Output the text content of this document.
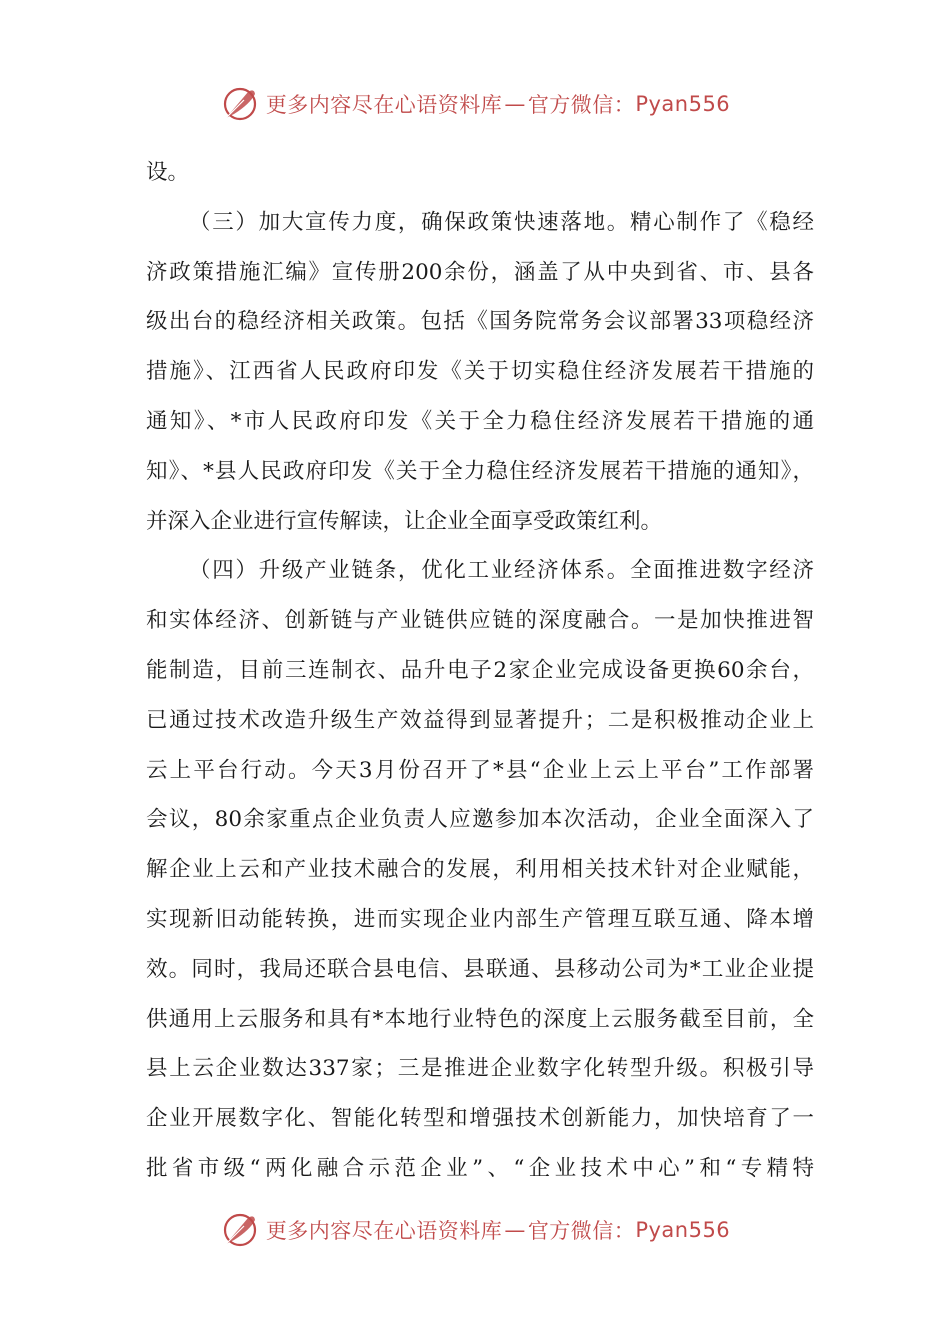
更多内容尽在心语资料库 — 官方微信： Pyan556
设。
（三）加大宣传力度，确保政策快速落地。精心制作了《稳经
济政策措施汇编》宣传册200余份，涵盖了从中央到省、市、县各
级出台的稳经济相关政策。包括《国务院常务会议部署33项稳经济
措施》、江西省人民政府印发《关于切实稳住经济发展若干措施的
通知》、*市人民政府印发《关于全力稳住经济发展若干措施的通
知》、*县人民政府印发《关于全力稳住经济发展若干措施的通知》，
并深入企业进行宣传解读，让企业全面享受政策红利。
（四）升级产业链条，优化工业经济体系。全面推进数字经济
和实体经济、创新链与产业链供应链的深度融合。一是加快推进智
能制造，目前三连制衣、品升电子2家企业完成设备更换60余台，
已通过技术改造升级生产效益得到显著提升；二是积极推动企业上
云上平台行动。今天3月份召开了*县“企业上云上平台”工作部署
会议，80余家重点企业负责人应邀参加本次活动，企业全面深入了
解企业上云和产业技术融合的发展，利用相关技术针对企业赋能，
实现新旧动能转换，进而实现企业内部生产管理互联互通、降本增
效。同时，我局还联合县电信、县联通、县移动公司为*工业企业提
供通用上云服务和具有*本地行业特色的深度上云服务截至目前，全
县上云企业数达337家；三是推进企业数字化转型升级。积极引导
企业开展数字化、智能化转型和增强技术创新能力，加快培育了一
批省市级“两化融合示范企业”、“企业技术中心”和“专精特
更多内容尽在心语资料库 — 官方微信： Pyan556
